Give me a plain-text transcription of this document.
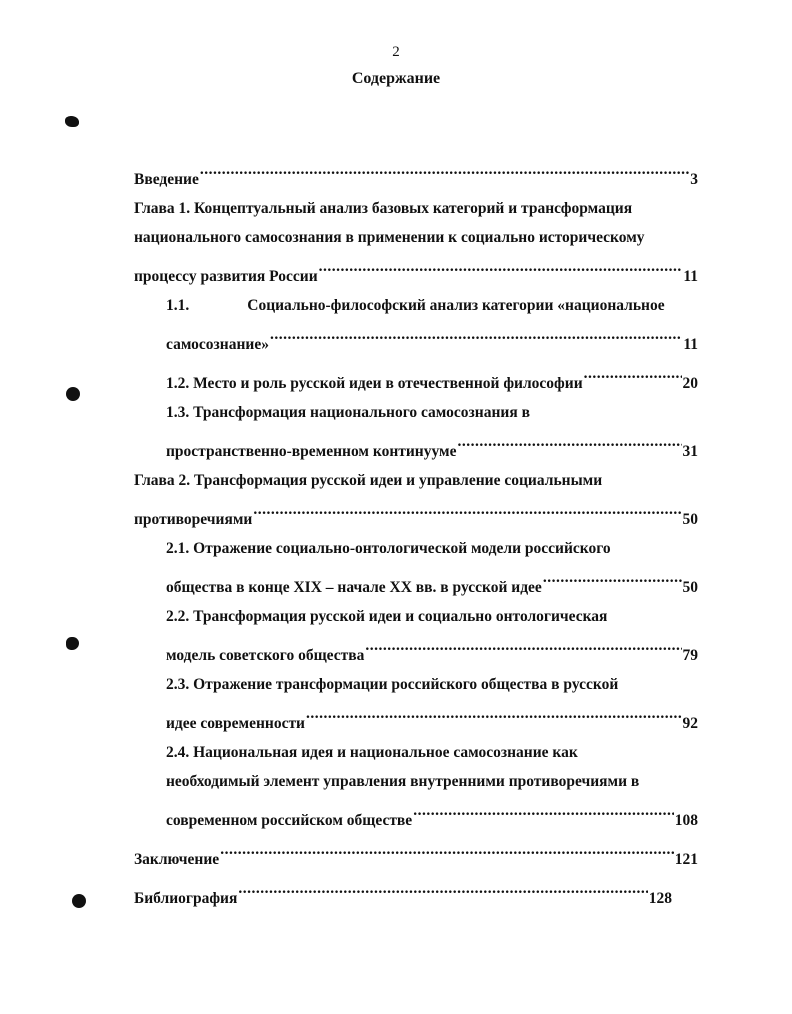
2
Содержание
Введение .....	3
Глава 1. Концептуальный анализ базовых категорий и трансформация
национального самосознания в применении к социально историческому
процессу развития России .....	11
1.1.	Социально-философский анализ категории «национальное
самосознание» .....	11
1.2. Место и роль русской идеи в отечественной философии .....	20
1.3. Трансформация национального самосознания в
пространственно-временном континууме .....	31
Глава 2. Трансформация русской идеи и управление социальными
противоречиями .....	50
2.1. Отражение социально-онтологической модели российского
общества в конце XIX – начале XX вв. в русской идее .....	50
2.2. Трансформация русской идеи и социально онтологическая
модель советского общества .....	79
2.3. Отражение трансформации российского общества в русской
идее современности .....	92
2.4. Национальная идея и национальное самосознание как
необходимый элемент управления внутренними противоречиями в
современном российском обществе .....	108
Заключение .....	121
Библиография .....	128
